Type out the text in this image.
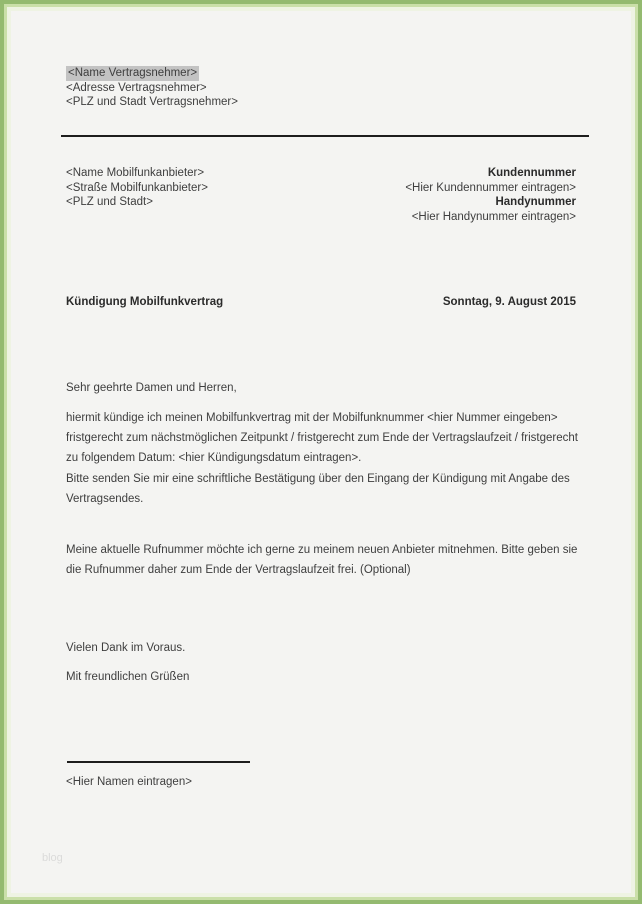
<Name Vertragsnehmer>
<Adresse Vertragsnehmer>
<PLZ und Stadt Vertragsnehmer>
<Name Mobilfunkanbieter>
<Straße Mobilfunkanbieter>
<PLZ und Stadt>
Kundennummer
<Hier Kundennummer eintragen>
Handynummer
<Hier Handynummer eintragen>
Kündigung Mobilfunkvertrag	Sonntag, 9. August 2015
Sehr geehrte Damen und Herren,
hiermit kündige ich meinen Mobilfunkvertrag mit der Mobilfunknummer <hier Nummer eingeben> fristgerecht zum nächstmöglichen Zeitpunkt / fristgerecht zum Ende der Vertragslaufzeit / fristgerecht zu folgendem Datum: <hier Kündigungsdatum eintragen>.
Bitte senden Sie mir eine schriftliche Bestätigung über den Eingang der Kündigung mit Angabe des Vertragsendes.
Meine aktuelle Rufnummer möchte ich gerne zu meinem neuen Anbieter mitnehmen. Bitte geben sie die Rufnummer daher zum Ende der Vertragslaufzeit frei. (Optional)
Vielen Dank im Voraus.
Mit freundlichen Grüßen
<Hier Namen eintragen>
blog
